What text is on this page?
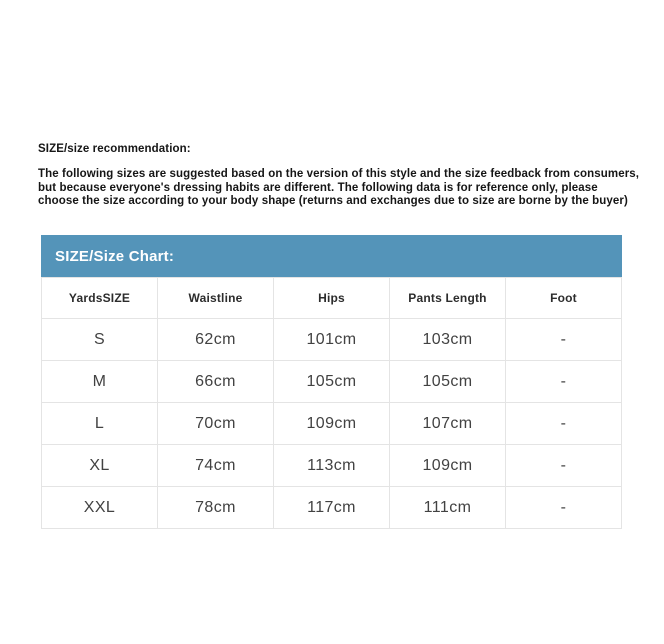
SIZE/size recommendation:
The following sizes are suggested based on the version of this style and the size feedback from consumers,
but because everyone's dressing habits are different. The following data is for reference only, please
choose the size according to your body shape (returns and exchanges due to size are borne by the buyer)
SIZE/Size Chart:
YardsSIZE	Waistline	Hips	Pants Length	Foot
S	62cm	101cm	103cm	-
M	66cm	105cm	105cm	-
L	70cm	109cm	107cm	-
XL	74cm	113cm	109cm	-
XXL	78cm	117cm	111cm	-
